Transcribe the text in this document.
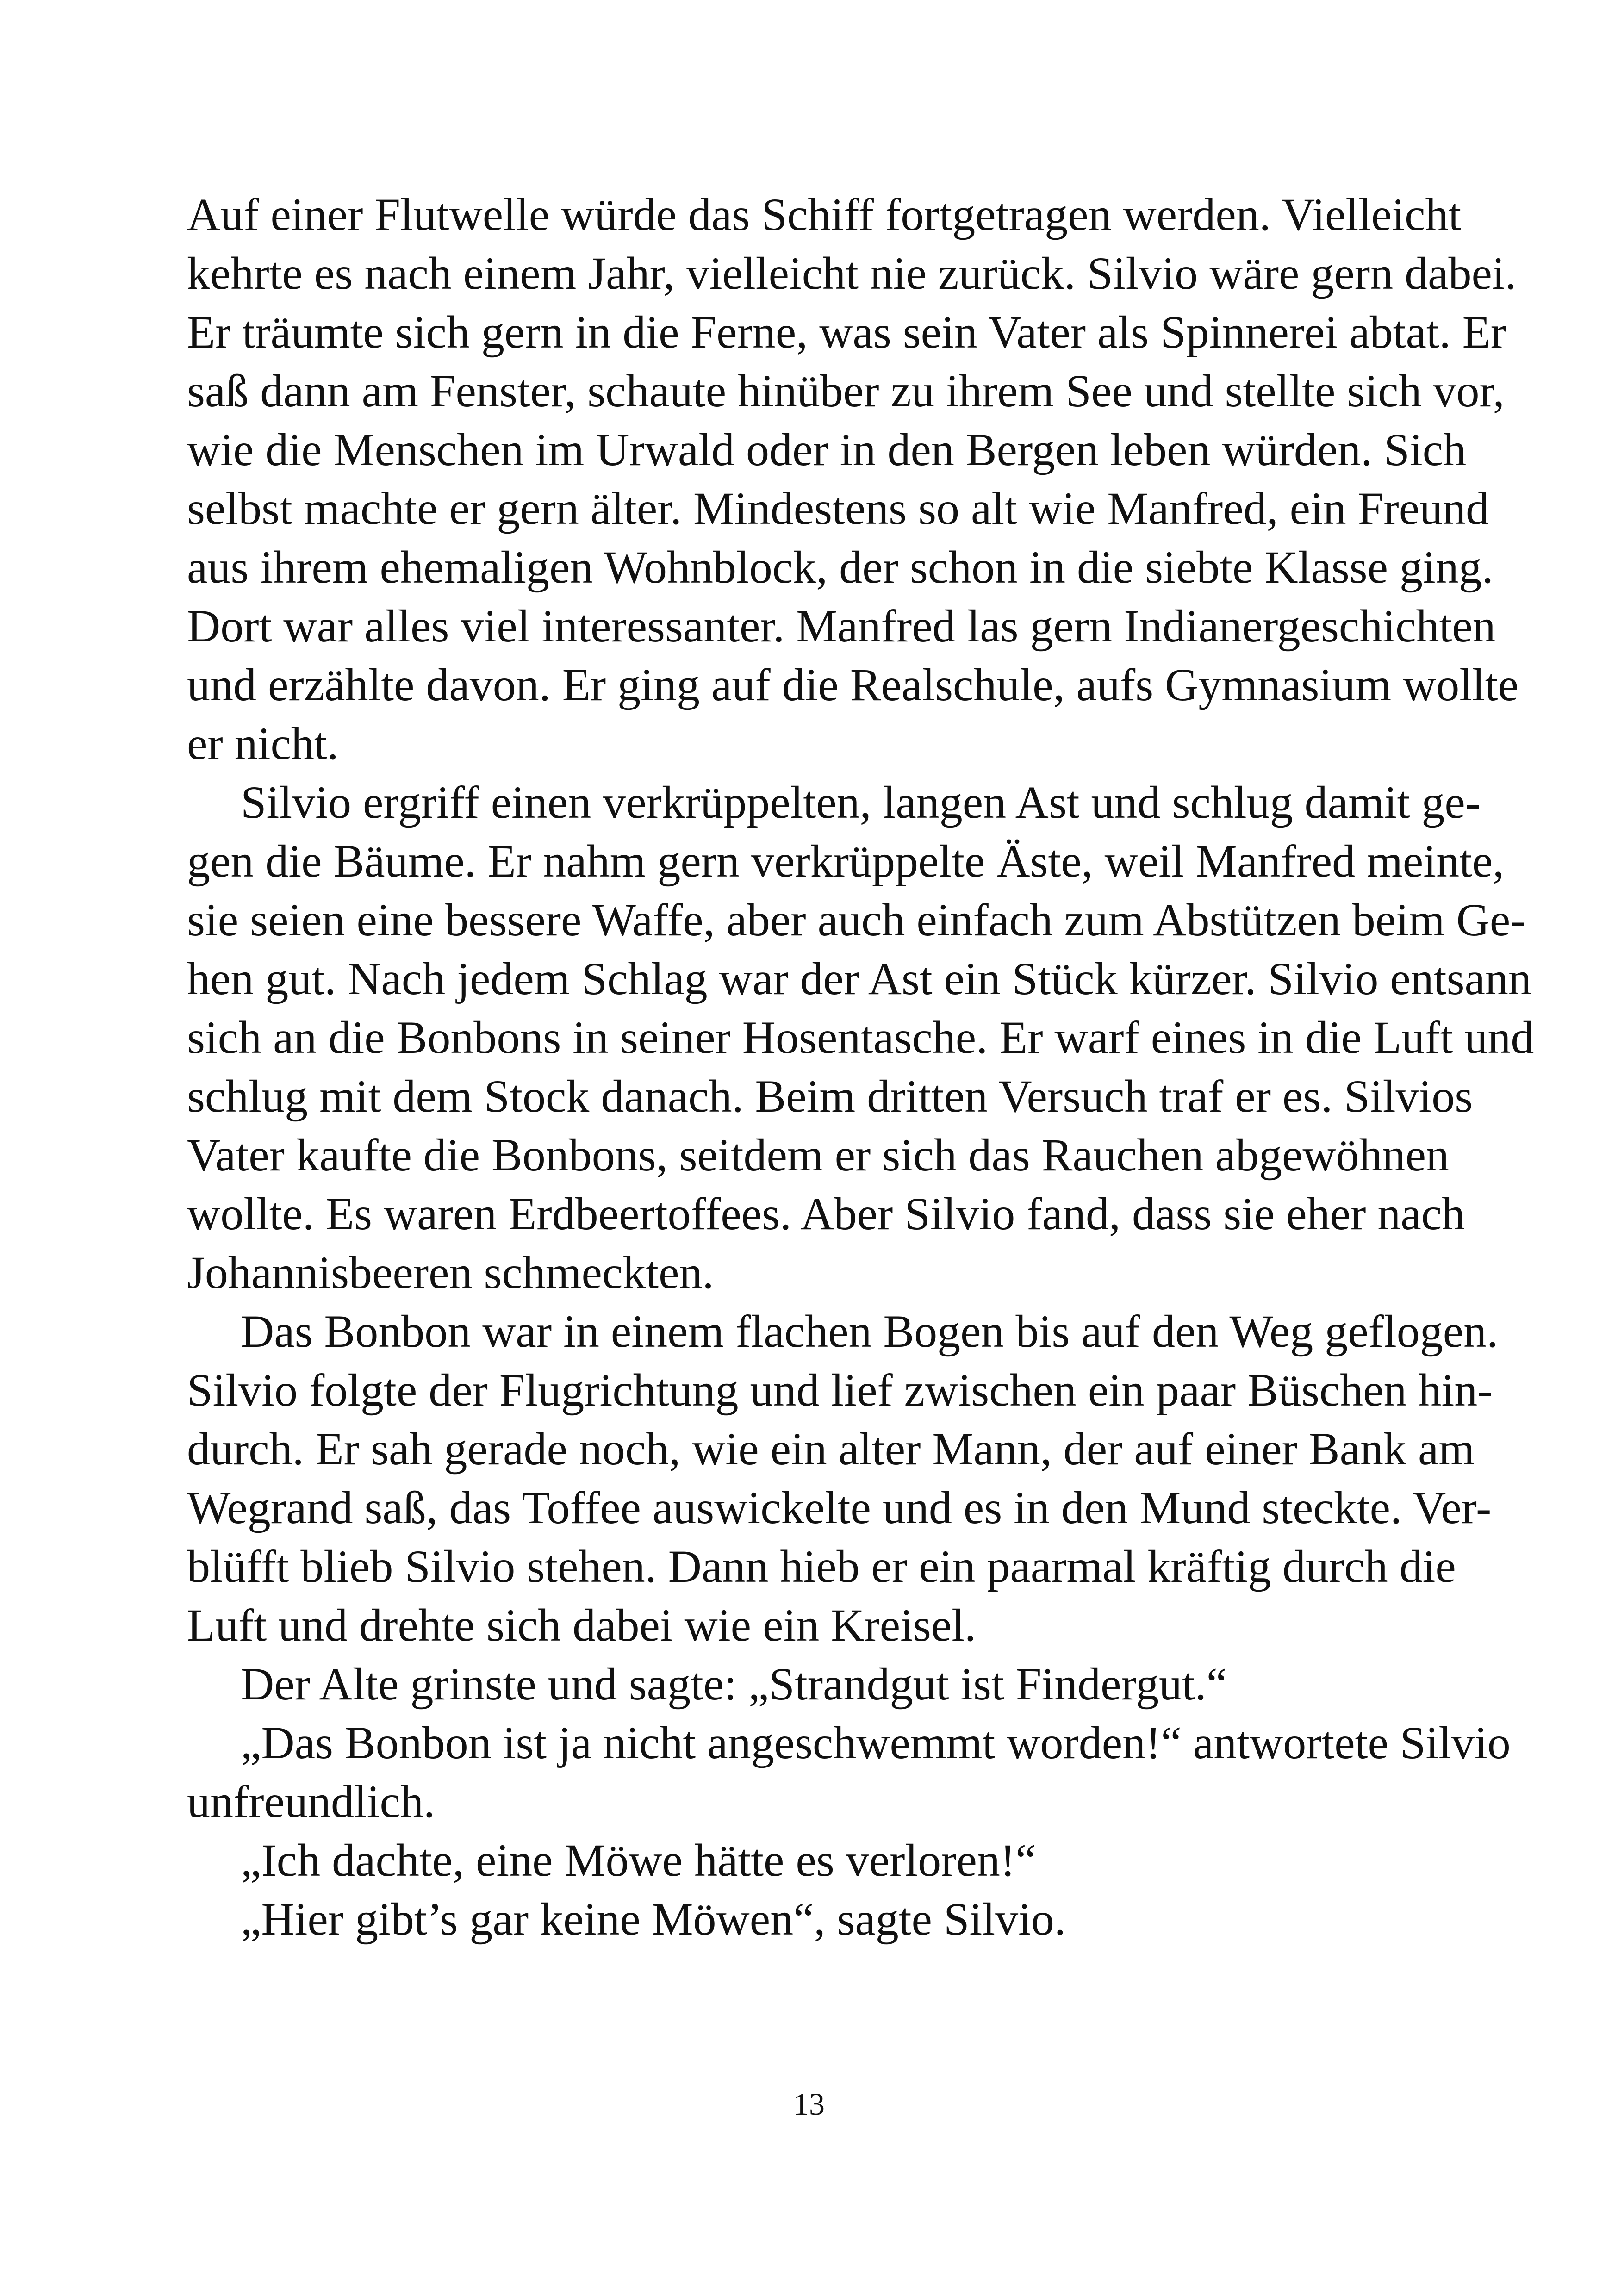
Auf einer Flutwelle würde das Schiff fortgetragen werden. Vielleicht
kehrte es nach einem Jahr, vielleicht nie zurück. Silvio wäre gern dabei.
Er träumte sich gern in die Ferne, was sein Vater als Spinnerei abtat. Er
saß dann am Fenster, schaute hinüber zu ihrem See und stellte sich vor,
wie die Menschen im Urwald oder in den Bergen leben würden. Sich
selbst machte er gern älter. Mindestens so alt wie Manfred, ein Freund
aus ihrem ehemaligen Wohnblock, der schon in die siebte Klasse ging.
Dort war alles viel interessanter. Manfred las gern Indianergeschichten
und erzählte davon. Er ging auf die Realschule, aufs Gymnasium wollte
er nicht.
Silvio ergriff einen verkrüppelten, langen Ast und schlug damit ge-
gen die Bäume. Er nahm gern verkrüppelte Äste, weil Manfred meinte,
sie seien eine bessere Waffe, aber auch einfach zum Abstützen beim Ge-
hen gut. Nach jedem Schlag war der Ast ein Stück kürzer. Silvio entsann
sich an die Bonbons in seiner Hosentasche. Er warf eines in die Luft und
schlug mit dem Stock danach. Beim dritten Versuch traf er es. Silvios
Vater kaufte die Bonbons, seitdem er sich das Rauchen abgewöhnen
wollte. Es waren Erdbeertoffees. Aber Silvio fand, dass sie eher nach
Johannisbeeren schmeckten.
Das Bonbon war in einem flachen Bogen bis auf den Weg geflogen.
Silvio folgte der Flugrichtung und lief zwischen ein paar Büschen hin-
durch. Er sah gerade noch, wie ein alter Mann, der auf einer Bank am
Wegrand saß, das Toffee auswickelte und es in den Mund steckte. Ver-
blüfft blieb Silvio stehen. Dann hieb er ein paarmal kräftig durch die
Luft und drehte sich dabei wie ein Kreisel.
Der Alte grinste und sagte: „Strandgut ist Findergut.“
„Das Bonbon ist ja nicht angeschwemmt worden!“ antwortete Silvio
unfreundlich.
„Ich dachte, eine Möwe hätte es verloren!“
„Hier gibt’s gar keine Möwen“, sagte Silvio.
13
